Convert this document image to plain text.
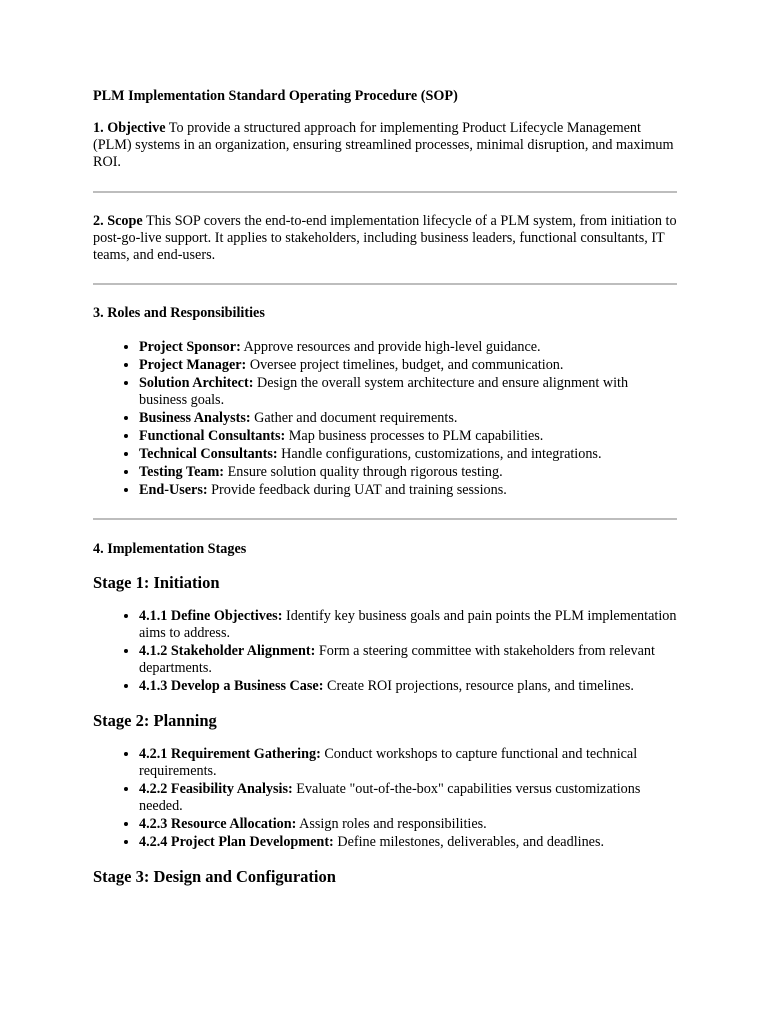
PLM Implementation Standard Operating Procedure (SOP)

1. Objective To provide a structured approach for implementing Product Lifecycle Management (PLM) systems in an organization, ensuring streamlined processes, minimal disruption, and maximum ROI.

2. Scope This SOP covers the end-to-end implementation lifecycle of a PLM system, from initiation to post-go-live support. It applies to stakeholders, including business leaders, functional consultants, IT teams, and end-users.

3. Roles and Responsibilities
• Project Sponsor: Approve resources and provide high-level guidance.
• Project Manager: Oversee project timelines, budget, and communication.
• Solution Architect: Design the overall system architecture and ensure alignment with business goals.
• Business Analysts: Gather and document requirements.
• Functional Consultants: Map business processes to PLM capabilities.
• Technical Consultants: Handle configurations, customizations, and integrations.
• Testing Team: Ensure solution quality through rigorous testing.
• End-Users: Provide feedback during UAT and training sessions.
4. Implementation Stages
Stage 1: Initiation
• 4.1.1 Define Objectives: Identify key business goals and pain points the PLM implementation aims to address.
• 4.1.2 Stakeholder Alignment: Form a steering committee with stakeholders from relevant departments.
• 4.1.3 Develop a Business Case: Create ROI projections, resource plans, and timelines.
Stage 2: Planning
• 4.2.1 Requirement Gathering: Conduct workshops to capture functional and technical requirements.
• 4.2.2 Feasibility Analysis: Evaluate "out-of-the-box" capabilities versus customizations needed.
• 4.2.3 Resource Allocation: Assign roles and responsibilities.
• 4.2.4 Project Plan Development: Define milestones, deliverables, and deadlines.
Stage 3: Design and Configuration
